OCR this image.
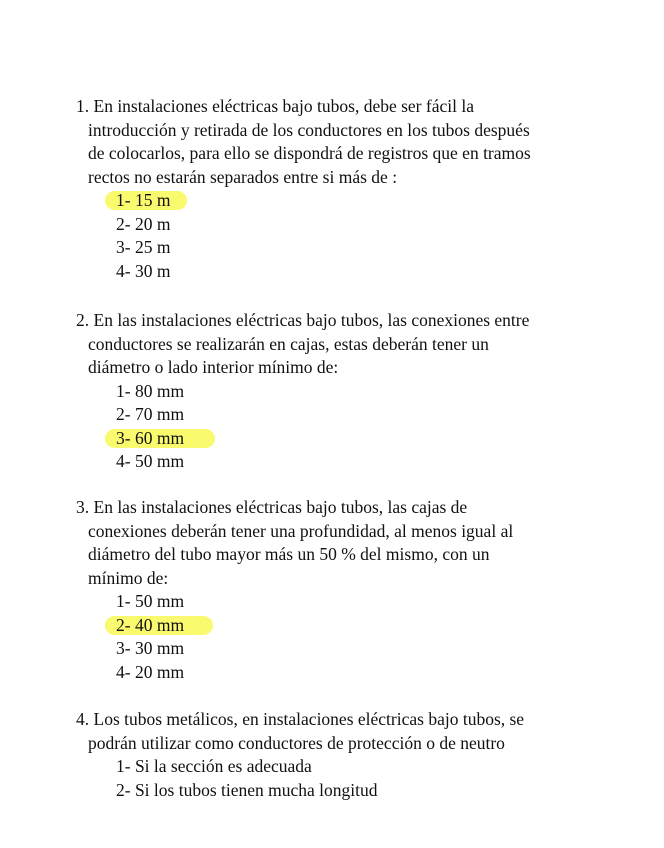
1. En instalaciones eléctricas bajo tubos, debe ser fácil la
introducción y retirada de los conductores en los tubos después
de colocarlos, para ello se dispondrá de registros que en tramos
rectos no estarán separados entre si más de :
1- 15 m
2- 20 m
3- 25 m
4- 30 m
2. En las instalaciones eléctricas bajo tubos, las conexiones entre
conductores se realizarán en cajas, estas deberán tener un
diámetro o lado interior mínimo de:
1- 80 mm
2- 70 mm
3- 60 mm
4- 50 mm
3. En las instalaciones eléctricas bajo tubos, las cajas de
conexiones deberán tener una profundidad, al menos igual al
diámetro del tubo mayor más un 50 % del mismo, con un
mínimo de:
1- 50 mm
2- 40 mm
3- 30 mm
4- 20 mm
4. Los tubos metálicos, en instalaciones eléctricas bajo tubos, se
podrán utilizar como conductores de protección o de neutro
1- Si la sección es adecuada
2- Si los tubos tienen mucha longitud
